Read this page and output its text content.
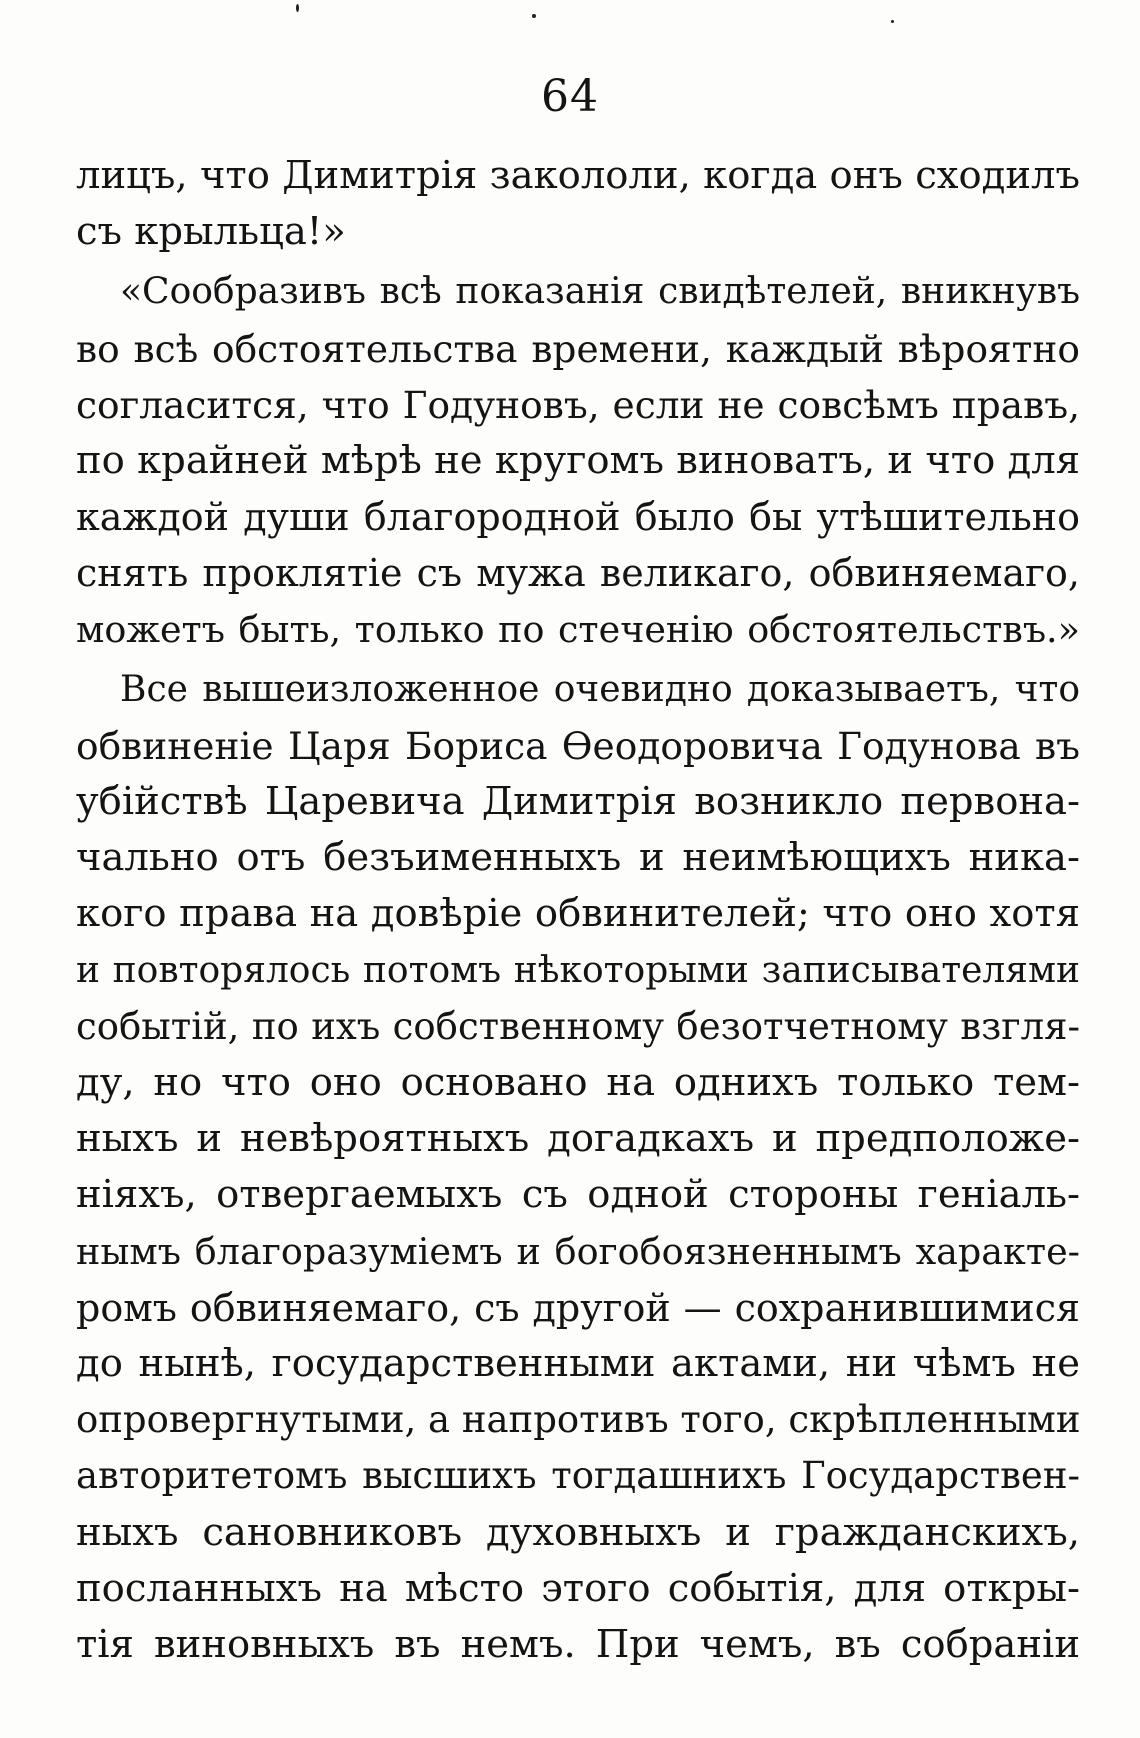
64
лицъ, что Димитрія закололи, когда онъ сходилъ
съ крыльца!»
«Сообразивъ всѣ показанія свидѣтелей, вникнувъ
во всѣ обстоятельства времени, каждый вѣроятно
согласится, что Годуновъ, если не совсѣмъ правъ,
по крайней мѣрѣ не кругомъ виноватъ, и что для
каждой души благородной было бы утѣшительно
снять проклятіе съ мужа великаго, обвиняемаго,
можетъ быть, только по стеченію обстоятельствъ.»
Все вышеизложенное очевидно доказываетъ, что
обвиненіе Царя Бориса Өеодоровича Годунова въ
убійствѣ Царевича Димитрія возникло первона-
чально отъ безъименныхъ и неимѣющихъ ника-
кого права на довѣріе обвинителей; что оно хотя
и повторялось потомъ нѣкоторыми записывателями
событій, по ихъ собственному безотчетному взгля-
ду, но что оно основано на однихъ только тем-
ныхъ и невѣроятныхъ догадкахъ и предположе-
ніяхъ, отвергаемыхъ съ одной стороны геніаль-
нымъ благоразуміемъ и богобоязненнымъ характе-
ромъ обвиняемаго, съ другой — сохранившимися
до нынѣ, государственными актами, ни чѣмъ не
опровергнутыми, а напротивъ того, скрѣпленными
авторитетомъ высшихъ тогдашнихъ Государствен-
ныхъ сановниковъ духовныхъ и гражданскихъ,
посланныхъ на мѣсто этого событія, для откры-
тія виновныхъ въ немъ. При чемъ, въ собраніи
